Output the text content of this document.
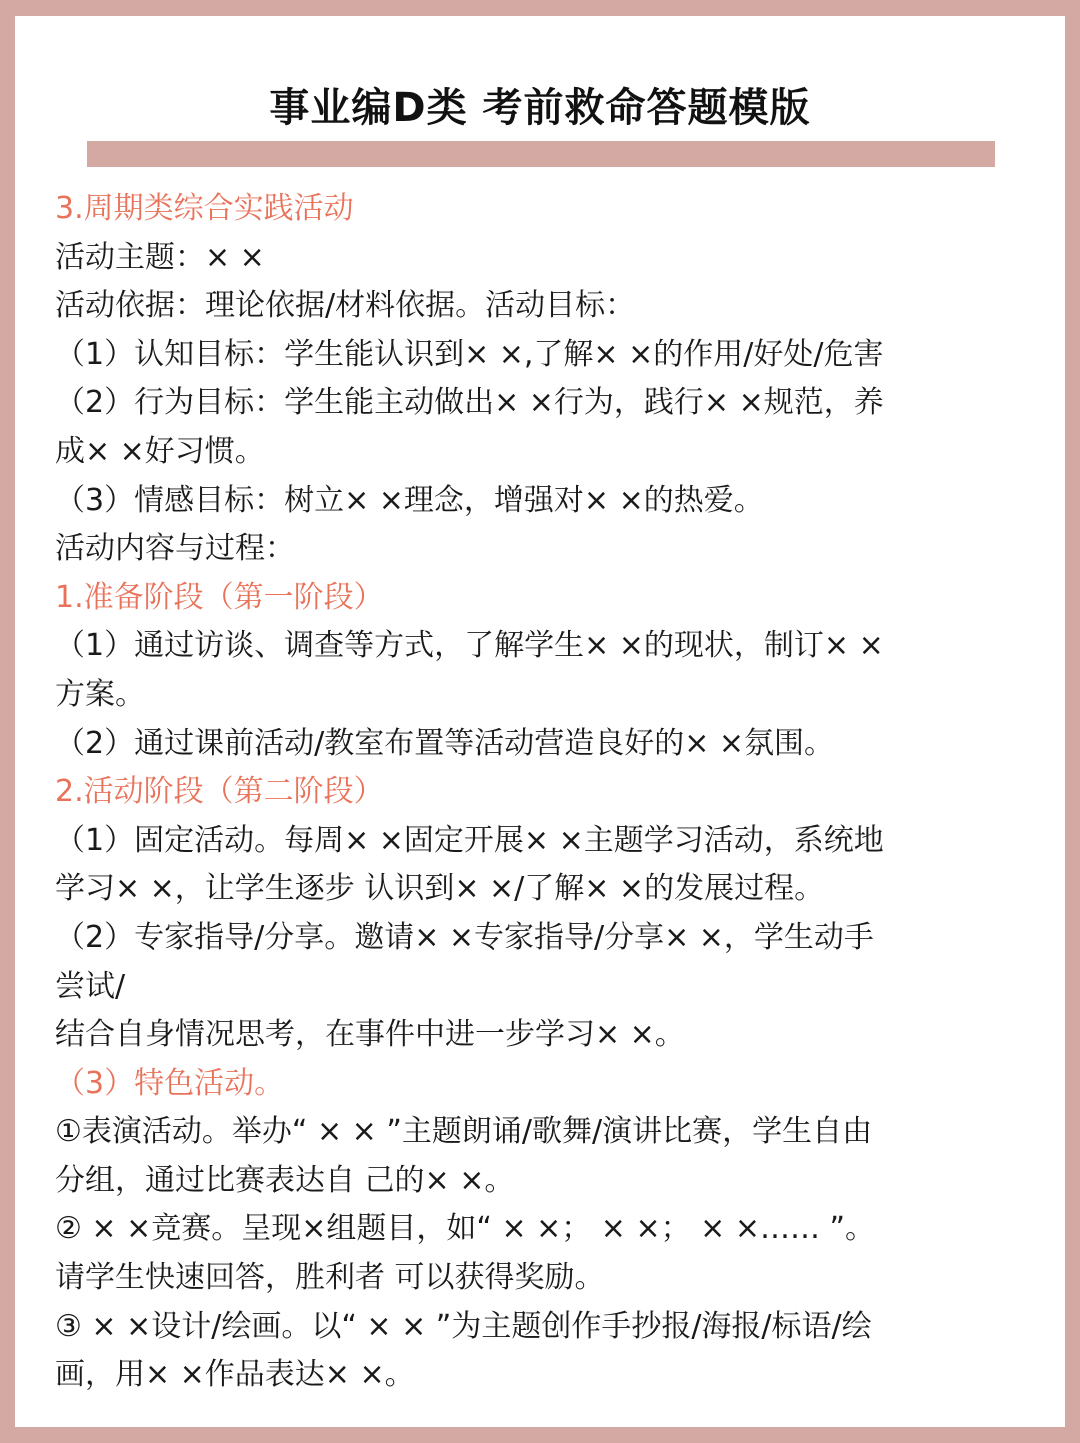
事业编D类 考前救命答题模版
3.周期类综合实践活动
活动主题：× ×
活动依据：理论依据/材料依据。活动目标：
（1）认知目标：学生能认识到× ×,了解× ×的作用/好处/危害
（2）行为目标：学生能主动做出× ×行为，践行× ×规范，养
成× ×好习惯。
（3）情感目标：树立× ×理念，增强对× ×的热爱。
活动内容与过程：
1.准备阶段（第一阶段）
（1）通过访谈、调查等方式，了解学生× ×的现状，制订× ×
方案。
（2）通过课前活动/教室布置等活动营造良好的× ×氛围。
2.活动阶段（第二阶段）
（1）固定活动。每周× ×固定开展× ×主题学习活动，系统地
学习× ×，让学生逐步 认识到× ×/了解× ×的发展过程。
（2）专家指导/分享。邀请× ×专家指导/分享× ×，学生动手
尝试/
结合自身情况思考，在事件中进一步学习× ×。
（3）特色活动。
①表演活动。举办“ × × ”主题朗诵/歌舞/演讲比赛，学生自由
分组，通过比赛表达自 己的× ×。
② × ×竞赛。呈现×组题目，如“ × ×； × ×； × ×…… ”。
请学生快速回答，胜利者 可以获得奖励。
③ × ×设计/绘画。以“ × × ”为主题创作手抄报/海报/标语/绘
画，用× ×作品表达× ×。
